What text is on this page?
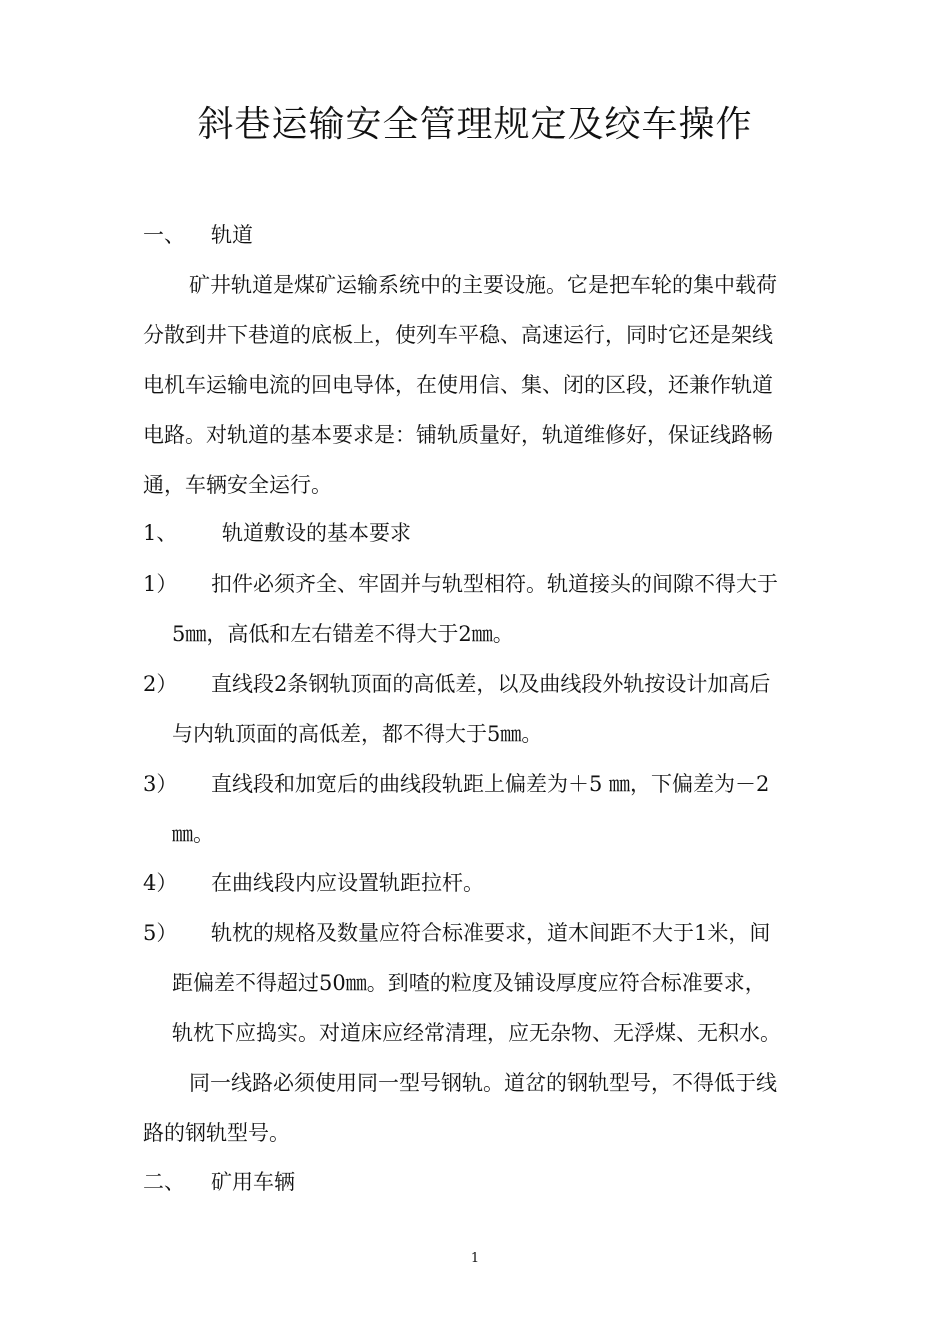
斜巷运输安全管理规定及绞车操作
一、 轨道
矿井轨道是煤矿运输系统中的主要设施。它是把车轮的集中载荷
分散到井下巷道的底板上，使列车平稳、高速运行，同时它还是架线
电机车运输电流的回电导体，在使用信、集、闭的区段，还兼作轨道
电路。对轨道的基本要求是：铺轨质量好，轨道维修好，保证线路畅
通，车辆安全运行。
1、 轨道敷设的基本要求
1） 扣件必须齐全、牢固并与轨型相符。轨道接头的间隙不得大于
5㎜，高低和左右错差不得大于2㎜。
2） 直线段2条钢轨顶面的高低差，以及曲线段外轨按设计加高后
与内轨顶面的高低差，都不得大于5㎜。
3） 直线段和加宽后的曲线段轨距上偏差为＋5 ㎜，下偏差为－2
㎜。
4） 在曲线段内应设置轨距拉杆。
5） 轨枕的规格及数量应符合标准要求，道木间距不大于1米，间
距偏差不得超过50㎜。到喳的粒度及铺设厚度应符合标准要求，
轨枕下应捣实。对道床应经常清理，应无杂物、无浮煤、无积水。
同一线路必须使用同一型号钢轨。道岔的钢轨型号，不得低于线
路的钢轨型号。
二、 矿用车辆
1
